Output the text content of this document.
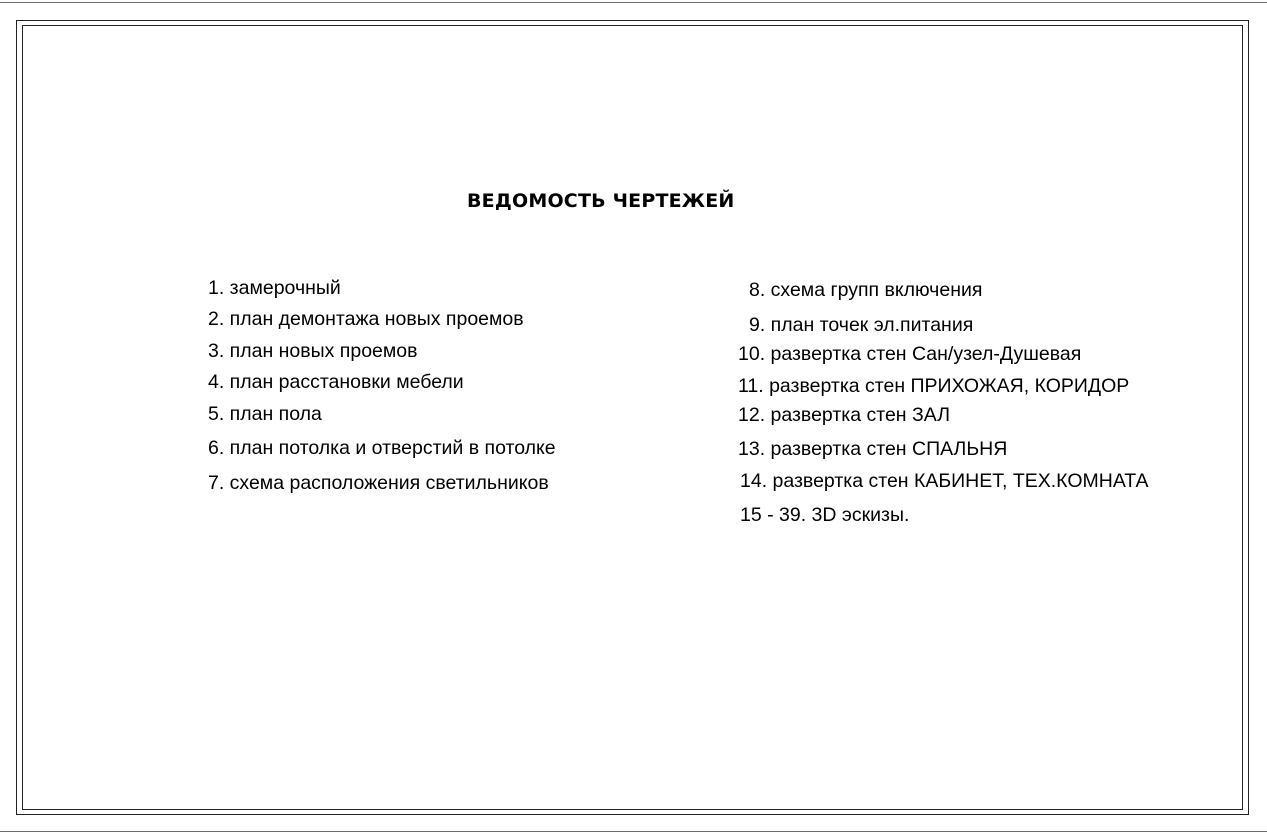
ВЕДОМОСТЬ ЧЕРТЕЖЕЙ
1. замерочный
2. план демонтажа новых проемов
3. план новых проемов
4. план расстановки мебели
5. план пола
6. план потолка и отверстий в потолке
7. схема расположения светильников
8. схема групп включения
9. план точек эл.питания
10. развертка стен Сан/узел-Душевая
11. развертка стен ПРИХОЖАЯ, КОРИДОР
12. развертка стен ЗАЛ
13. развертка стен СПАЛЬНЯ
14. развертка стен КАБИНЕТ, ТЕХ.КОМНАТА
15 - 39. 3D эскизы.
